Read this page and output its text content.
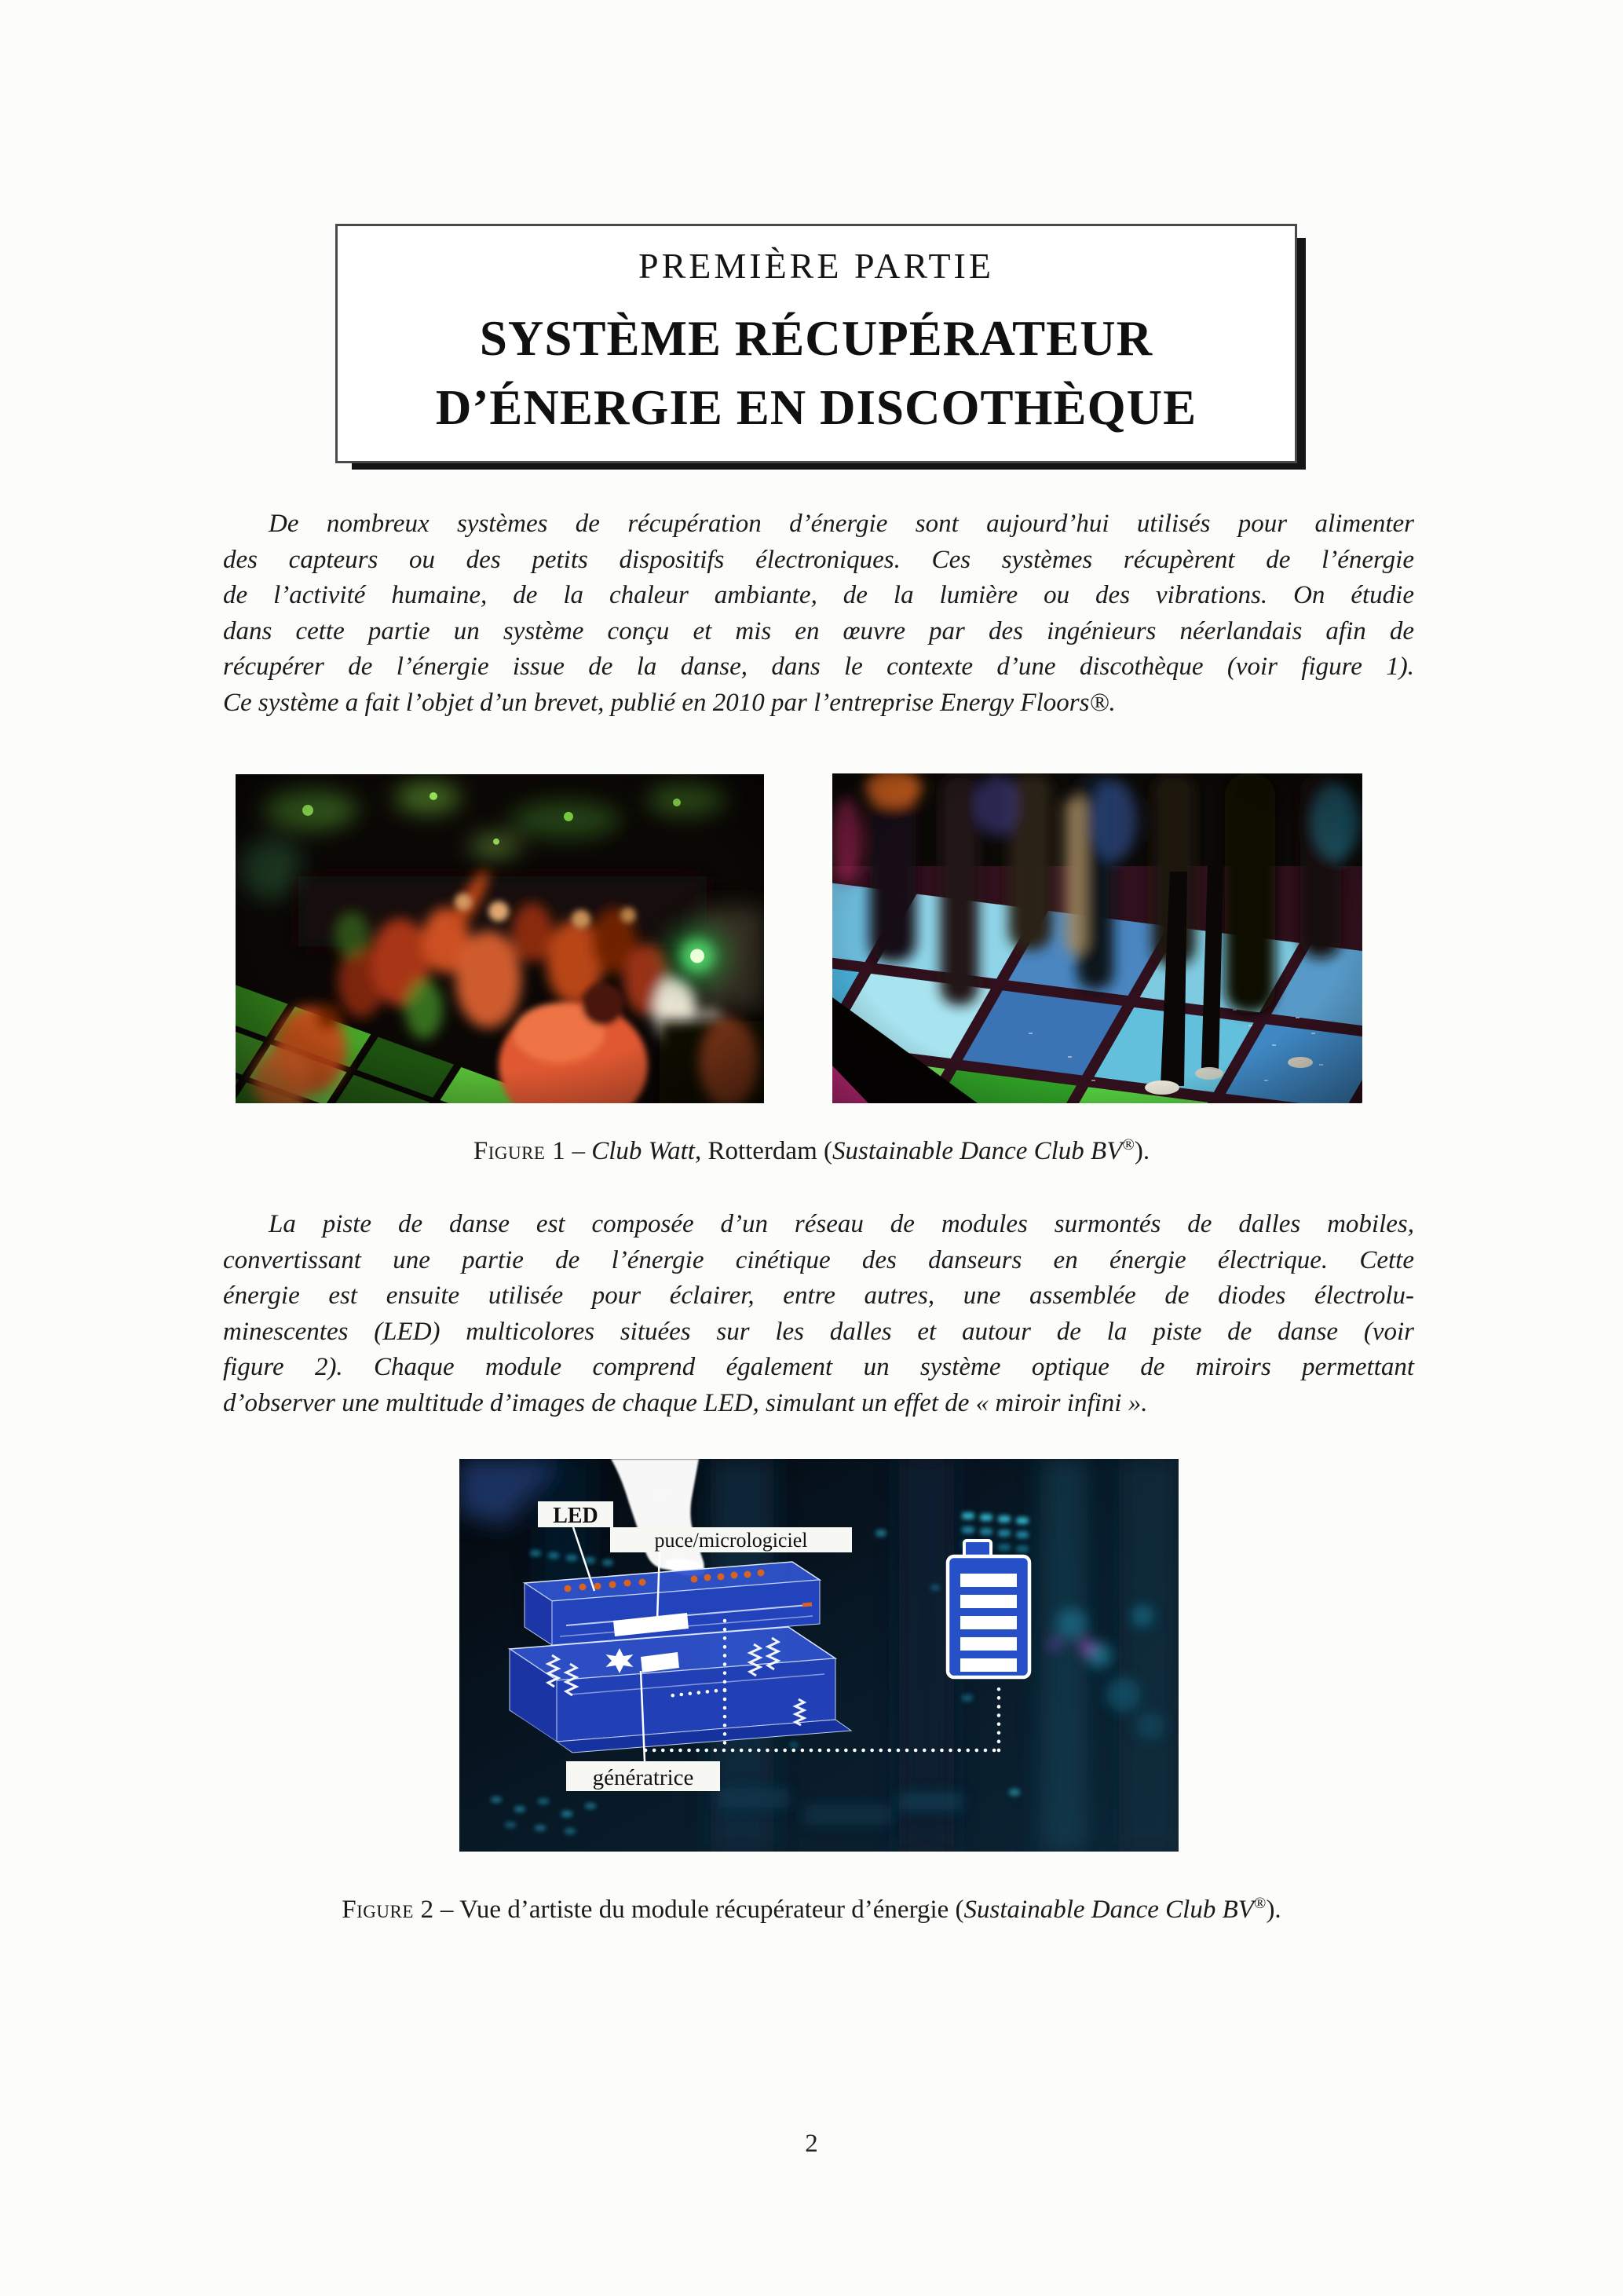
PREMIÈRE PARTIE
SYSTÈME RÉCUPÉRATEUR
D’ÉNERGIE EN DISCOTHÈQUE
De nombreux systèmes de récupération d’énergie sont aujourd’hui utilisés pour alimenter
des capteurs ou des petits dispositifs électroniques. Ces systèmes récupèrent de l’énergie
de l’activité humaine, de la chaleur ambiante, de la lumière ou des vibrations. On étudie
dans cette partie un système conçu et mis en œuvre par des ingénieurs néerlandais afin de
récupérer de l’énergie issue de la danse, dans le contexte d’une discothèque (voir figure 1).
Ce système a fait l’objet d’un brevet, publié en 2010 par l’entreprise Energy Floors®.
Figure 1 – Club Watt, Rotterdam (Sustainable Dance Club BV®).
La piste de danse est composée d’un réseau de modules surmontés de dalles mobiles,
convertissant une partie de l’énergie cinétique des danseurs en énergie électrique. Cette
énergie est ensuite utilisée pour éclairer, entre autres, une assemblée de diodes électrolu-
minescentes (LED) multicolores situées sur les dalles et autour de la piste de danse (voir
figure 2). Chaque module comprend également un système optique de miroirs permettant
d’observer une multitude d’images de chaque LED, simulant un effet de « miroir infini ».
LED
puce/micrologiciel
génératrice
Figure 2 – Vue d’artiste du module récupérateur d’énergie (Sustainable Dance Club BV®).
2
